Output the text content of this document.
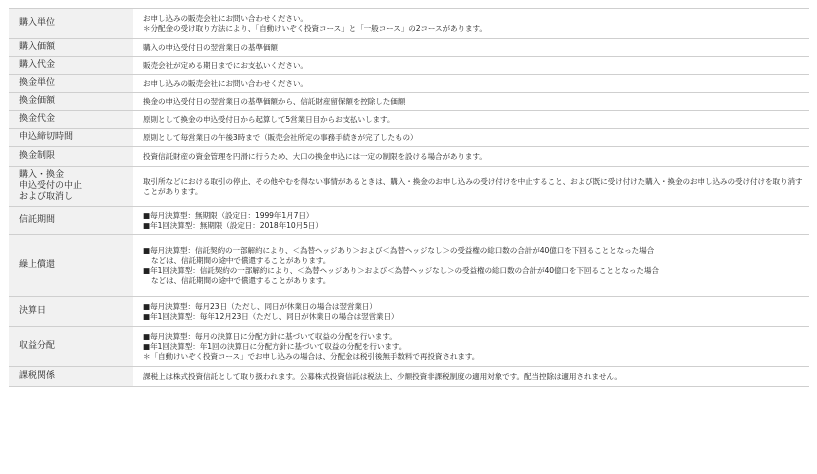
購入単位		お申し込みの販売会社にお問い合わせください。
＊分配金の受け取り方法により、「自動けいぞく投資コース」と「一般コース」の2コースがあります。

購入価額		購入の申込受付日の翌営業日の基準価額

購入代金		販売会社が定める期日までにお支払いください。

換金単位		お申し込みの販売会社にお問い合わせください。

換金価額		換金の申込受付日の翌営業日の基準価額から、信託財産留保額を控除した価額

換金代金		原則として換金の申込受付日から起算して5営業日目からお支払いします。

申込締切時間		原則として毎営業日の午後3時まで（販売会社所定の事務手続きが完了したもの）

換金制限		投資信託財産の資金管理を円滑に行うため、大口の換金申込には一定の制限を設ける場合があります。

購入・換金
申込受付の中止
および取消し		取引所などにおける取引の停止、その他やむを得ない事情があるときは、購入・換金のお申し込みの受け付けを中止すること、および既に受け付けた購入・換金のお申し込みの受け付けを取り消すことがあります。

信託期間		■毎月決算型：無期限（設定日：1999年1月7日）
■年1回決算型：無期限（設定日：2018年10月5日）

繰上償還		■毎月決算型：信託契約の一部解約により、＜為替ヘッジあり＞および＜為替ヘッジなし＞の受益権の総口数の合計が40億口を下回ることとなった場合
などは、信託期間の途中で償還することがあります。
■年1回決算型：信託契約の一部解約により、＜為替ヘッジあり＞および＜為替ヘッジなし＞の受益権の総口数の合計が40億口を下回ることとなった場合
などは、信託期間の途中で償還することがあります。

決算日		■毎月決算型：毎月23日（ただし、同日が休業日の場合は翌営業日）
■年1回決算型：毎年12月23日（ただし、同日が休業日の場合は翌営業日）

収益分配		■毎月決算型：毎月の決算日に分配方針に基づいて収益の分配を行います。
■年1回決算型：年1回の決算日に分配方針に基づいて収益の分配を行います。
＊「自動けいぞく投資コース」でお申し込みの場合は、分配金は税引後無手数料で再投資されます。

課税関係		課税上は株式投資信託として取り扱われます。公募株式投資信託は税法上、少額投資非課税制度の適用対象です。配当控除は適用されません。
